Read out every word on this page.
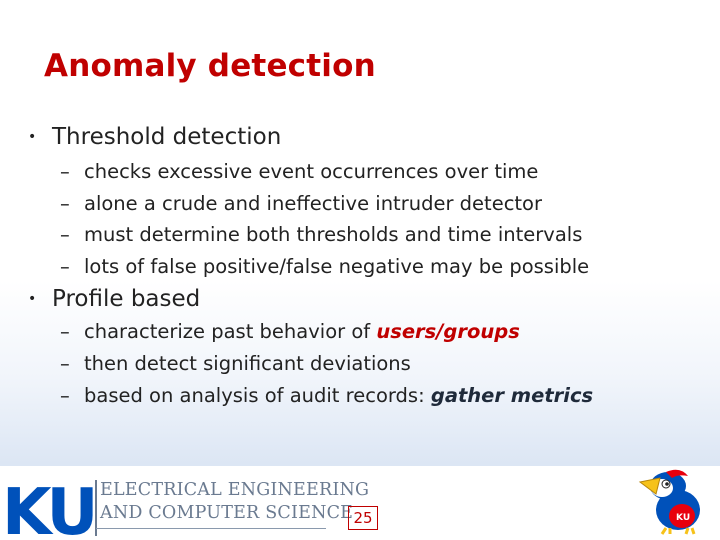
Anomaly detection
• Threshold detection
– checks excessive event occurrences over time
– alone a crude and ineffective intruder detector
– must determine both thresholds and time intervals
– lots of false positive/false negative may be possible
• Profile based
– characterize past behavior of users/groups
– then detect significant deviations
– based on analysis of audit records: gather metrics
KU ELECTRICAL ENGINEERING
AND COMPUTER SCIENCE 25	KU
